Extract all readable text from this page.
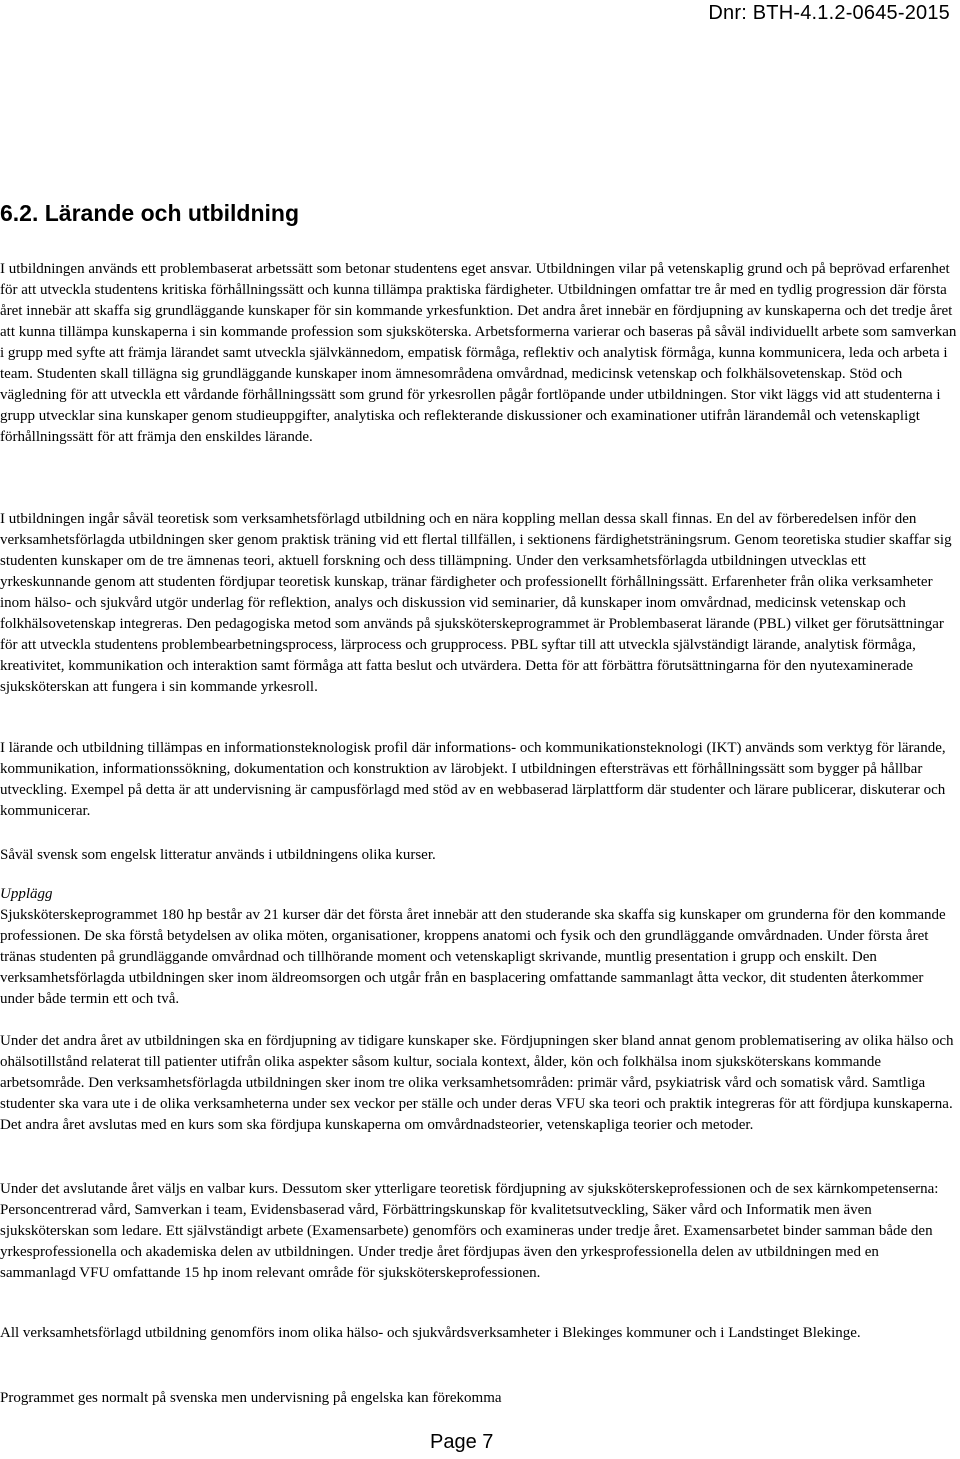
Dnr: BTH-4.1.2-0645-2015
6.2. Lärande och utbildning

I utbildningen används ett problembaserat arbetssätt som betonar studentens eget ansvar. Utbildningen vilar på vetenskaplig grund och på beprövad erfarenhet för att utveckla studentens kritiska förhållningssätt och kunna tillämpa praktiska färdigheter. Utbildningen omfattar tre år med en tydlig progression där första året innebär att skaffa sig grundläggande kunskaper för sin kommande yrkesfunktion. Det andra året innebär en fördjupning av kunskaperna och det tredje året att kunna tillämpa kunskaperna i sin kommande profession som sjuksköterska. Arbetsformerna varierar och baseras på såväl individuellt arbete som samverkan i grupp med syfte att främja lärandet samt utveckla självkännedom, empatisk förmåga, reflektiv och analytisk förmåga, kunna kommunicera, leda och arbeta i team. Studenten skall tillägna sig grundläggande kunskaper inom ämnesområdena omvårdnad, medicinsk vetenskap och folkhälsovetenskap. Stöd och vägledning för att utveckla ett vårdande förhållningssätt som grund för yrkesrollen pågår fortlöpande under utbildningen. Stor vikt läggs vid att studenterna i grupp utvecklar sina kunskaper genom studieuppgifter, analytiska och reflekterande diskussioner och examinationer utifrån lärandemål och vetenskapligt förhållningssätt för att främja den enskildes lärande.

I utbildningen ingår såväl teoretisk som verksamhetsförlagd utbildning och en nära koppling mellan dessa skall finnas. En del av förberedelsen inför den verksamhetsförlagda utbildningen sker genom praktisk träning vid ett flertal tillfällen, i sektionens färdighetsträningsrum. Genom teoretiska studier skaffar sig studenten kunskaper om de tre ämnenas teori, aktuell forskning och dess tillämpning. Under den verksamhetsförlagda utbildningen utvecklas ett yrkeskunnande genom att studenten fördjupar teoretisk kunskap, tränar färdigheter och professionellt förhållningssätt. Erfarenheter från olika verksamheter inom hälso- och sjukvård utgör underlag för reflektion, analys och diskussion vid seminarier, då kunskaper inom omvårdnad, medicinsk vetenskap och folkhälsovetenskap integreras. Den pedagogiska metod som används på sjuksköterskeprogrammet är Problembaserat lärande (PBL) vilket ger förutsättningar för att utveckla studentens problembearbetningsprocess, lärprocess och grupprocess. PBL syftar till att utveckla självständigt lärande, analytisk förmåga, kreativitet, kommunikation och interaktion samt förmåga att fatta beslut och utvärdera. Detta för att förbättra förutsättningarna för den nyutexaminerade sjuksköterskan att fungera i sin kommande yrkesroll.

I lärande och utbildning tillämpas en informationsteknologisk profil där informations- och kommunikationsteknologi (IKT) används som verktyg för lärande, kommunikation, informationssökning, dokumentation och konstruktion av lärobjekt. I utbildningen eftersträvas ett förhållningssätt som bygger på hållbar utveckling. Exempel på detta är att undervisning är campusförlagd med stöd av en webbaserad lärplattform där studenter och lärare publicerar, diskuterar och kommunicerar.

Såväl svensk som engelsk litteratur används i utbildningens olika kurser.

Upplägg

Sjuksköterskeprogrammet 180 hp består av 21 kurser där det första året innebär att den studerande ska skaffa sig kunskaper om grunderna för den kommande professionen. De ska förstå betydelsen av olika möten, organisationer, kroppens anatomi och fysik och den grundläggande omvårdnaden. Under första året tränas studenten på grundläggande omvårdnad och tillhörande moment och vetenskapligt skrivande, muntlig presentation i grupp och enskilt. Den verksamhetsförlagda utbildningen sker inom äldreomsorgen och utgår från en basplacering omfattande sammanlagt åtta veckor, dit studenten återkommer under både termin ett och två.

Under det andra året av utbildningen ska en fördjupning av tidigare kunskaper ske. Fördjupningen sker bland annat genom problematisering av olika hälso och ohälsotillstånd relaterat till patienter utifrån olika aspekter såsom kultur, sociala kontext, ålder, kön och folkhälsa inom sjuksköterskans kommande arbetsområde. Den verksamhetsförlagda utbildningen sker inom tre olika verksamhetsområden: primär vård, psykiatrisk vård och somatisk vård. Samtliga studenter ska vara ute i de olika verksamheterna under sex veckor per ställe och under deras VFU ska teori och praktik integreras för att fördjupa kunskaperna. Det andra året avslutas med en kurs som ska fördjupa kunskaperna om omvårdnadsteorier, vetenskapliga teorier och metoder.

Under det avslutande året väljs en valbar kurs. Dessutom sker ytterligare teoretisk fördjupning av sjuksköterskeprofessionen och de sex kärnkompetenserna: Personcentrerad vård, Samverkan i team, Evidensbaserad vård, Förbättringskunskap för kvalitetsutveckling, Säker vård och Informatik men även sjuksköterskan som ledare. Ett självständigt arbete (Examensarbete) genomförs och examineras under tredje året. Examensarbetet binder samman både den yrkesprofessionella och akademiska delen av utbildningen. Under tredje året fördjupas även den yrkesprofessionella delen av utbildningen med en sammanlagd VFU omfattande 15 hp inom relevant område för sjuksköterskeprofessionen.

All verksamhetsförlagd utbildning genomförs inom olika hälso- och sjukvårdsverksamheter i Blekinges kommuner och i Landstinget Blekinge.

Programmet ges normalt på svenska men undervisning på engelska kan förekomma

Page 7
